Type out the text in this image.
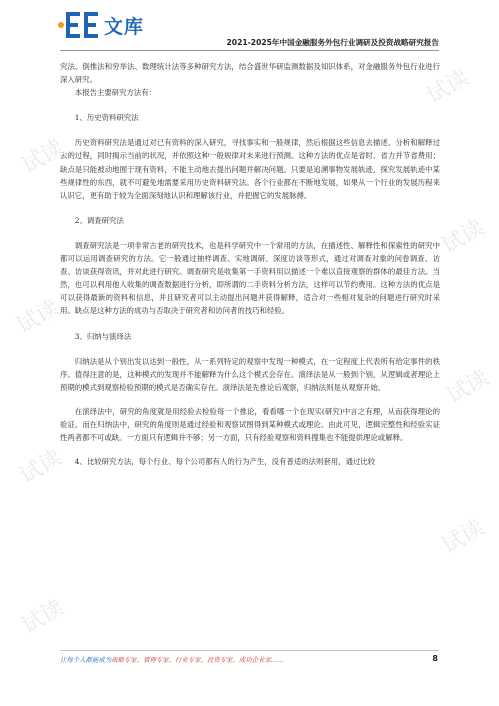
文库
2021-2025年中国金融服务外包行业调研及投资战略研究报告

究法、倒推法和穷举法、数理统计法等多种研究方法，结合盛世华研监测数据及知识体系，对金融服务外包行业进行深入研究。

本报告主要研究方法有：

1、历史资料研究法

历史资料研究法是通过对已有资料的深入研究，寻找事实和一般规律，然后根据这些信息去描述、分析和解释过去的过程，同时揭示当前的状况，并依照这种一般规律对未来进行预测。这种方法的优点是省时、省力并节省费用；缺点是只能被动地囿于现有资料，不能主动地去提出问题并解决问题。只要是追溯事物发展轨迹，探究发展轨迹中某些规律性的东西，就不可避免地需要采用历史资料研究法。各个行业都在不断地发展，如果从一个行业的发展历程来认识它，更有助于较为全面深刻地认识和理解该行业，并把握它的发展脉搏。

2、调查研究法

调查研究法是一项非常古老的研究技术，也是科学研究中一个常用的方法，在描述性、解释性和探索性的研究中都可以运用调查研究的方法。它一般通过抽样调查、实地调研、深度访谈等形式，通过对调查对象的问卷调查、访查、访谈获得资讯，并对此进行研究。调查研究是收集第一手资料用以描述一个难以直接观察的群体的最佳方法。当然，也可以利用他人收集的调查数据进行分析，即所谓的二手资料分析方法，这样可以节约费用。这种方法的优点是可以获得最新的资料和信息，并且研究者可以主动提出问题并获得解释，适合对一些相对复杂的问题进行研究时采用。缺点是这种方法的成功与否取决于研究者和访问者的技巧和经验。

3、归纳与演绎法

归纳法是从个别出发以达到一般性，从一系列特定的观察中发现一种模式，在一定程度上代表所有给定事件的秩序。值得注意的是，这种模式的发现并不能解释为什么这个模式会存在。演绎法是从一般到个别，从逻辑或者理论上预期的模式到观察检验预期的模式是否确实存在。演绎法是先推论后观察，归纳法则是从观察开始。

在演绎法中，研究的角度就是用经验去检验每一个推论，看看哪一个在现实(研究)中言之有理，从而获得理论的验证。而在归纳法中，研究的角度则是通过经验和观察试图得到某种模式或理论。由此可见，逻辑完整性和经验实证性两者都不可或缺。一方面只有逻辑并不够；另一方面，只有经验观察和资料搜集也不能提供理论或解释。

4、比较研究方法，每个行业、每个公司都有人的行为产生，没有普适的法则套用，通过比较

让每个人都能成为战略专家、管理专家、行业专家、投资专家、成功企业家……	8
试读
试读
试读
试读
试读
试读
试读
试读
